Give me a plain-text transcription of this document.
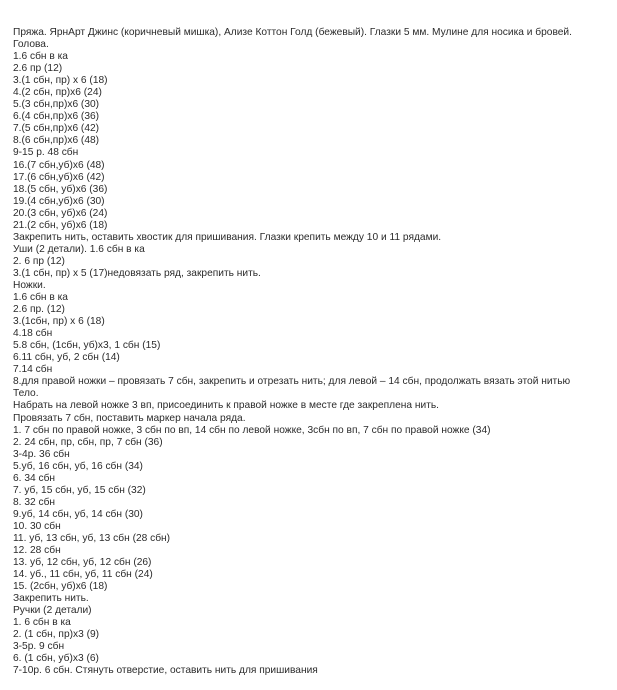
Пряжа. ЯрнАрт Джинс (коричневый мишка), Ализе Коттон Голд (бежевый). Глазки 5 мм. Мулине для носика и бровей.
Голова.
1.6 сбн в ка
2.6 пр (12)
3.(1 сбн, пр) х 6 (18)
4.(2 сбн, пр)х6 (24)
5.(3 сбн,пр)х6 (30)
6.(4 сбн,пр)х6 (36)
7.(5 сбн,пр)х6 (42)
8.(6 сбн,пр)х6 (48)
9-15 р. 48 сбн
16.(7 сбн,уб)х6 (48)
17.(6 сбн,уб)х6 (42)
18.(5 сбн, уб)х6 (36)
19.(4 сбн,уб)х6 (30)
20.(3 сбн, уб)х6 (24)
21.(2 сбн, уб)х6 (18)
Закрепить нить, оставить хвостик для пришивания. Глазки крепить между 10 и 11 рядами.
Уши (2 детали). 1.6 сбн в ка
2. 6 пр (12)
3.(1 сбн, пр) х 5 (17)недовязать ряд, закрепить нить.
Ножки.
1.6 сбн в ка
2.6 пр. (12)
3.(1сбн, пр) х 6 (18)
4.18 сбн
5.8 сбн, (1сбн, уб)х3, 1 сбн (15)
6.11 сбн, уб, 2 сбн (14)
7.14 сбн
8.для правой ножки – провязать 7 сбн, закрепить и отрезать нить; для левой – 14 сбн, продолжать вязать этой нитью
Тело.
Набрать на левой ножке 3 вп, присоединить к правой ножке в месте где закреплена нить.
Провязать 7 сбн, поставить маркер начала ряда.
1. 7 сбн по правой ножке, 3 сбн по вп, 14 сбн по левой ножке, 3сбн по вп, 7 сбн по правой ножке (34)
2. 24 сбн, пр, сбн, пр, 7 сбн (36)
3-4р. 36 сбн
5.уб, 16 сбн, уб, 16 сбн (34)
6. 34 сбн
7. уб, 15 сбн, уб, 15 сбн (32)
8. 32 сбн
9.уб, 14 сбн, уб, 14 сбн (30)
10. 30 сбн
11. уб, 13 сбн, уб, 13 сбн (28 сбн)
12. 28 сбн
13. уб, 12 сбн, уб, 12 сбн (26)
14. уб., 11 сбн, уб, 11 сбн (24)
15. (2сбн, уб)х6 (18)
Закрепить нить.
Ручки (2 детали)
1. 6 сбн в ка
2. (1 сбн, пр)х3 (9)
3-5р. 9 сбн
6. (1 сбн, уб)х3 (6)
7-10р. 6 сбн. Стянуть отверстие, оставить нить для пришивания
